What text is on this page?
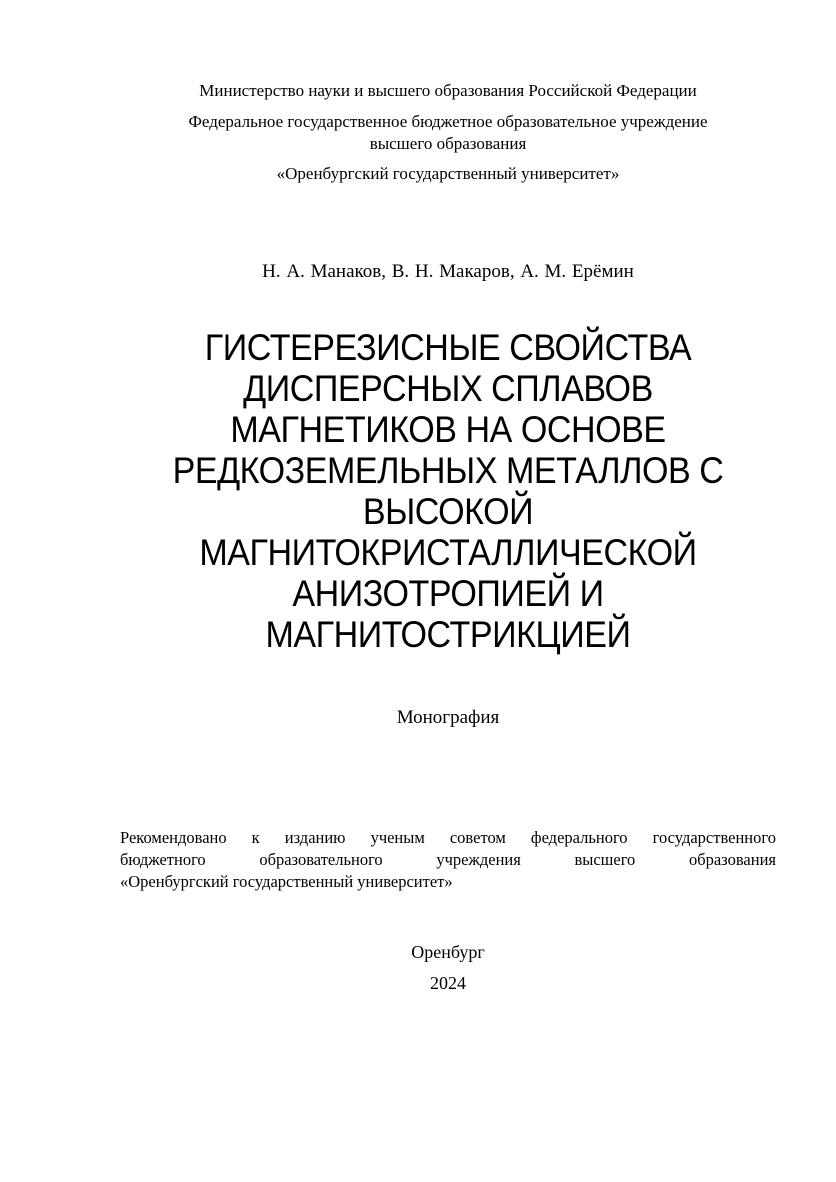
Министерство науки и высшего образования Российской Федерации
Федеральное государственное бюджетное образовательное учреждение
высшего образования
«Оренбургский государственный университет»
Н. А. Манаков, В. Н. Макаров, А. М. Ерёмин
ГИСТЕРЕЗИСНЫЕ СВОЙСТВА
ДИСПЕРСНЫХ СПЛАВОВ
МАГНЕТИКОВ НА ОСНОВЕ
РЕДКОЗЕМЕЛЬНЫХ МЕТАЛЛОВ С
ВЫСОКОЙ
МАГНИТОКРИСТАЛЛИЧЕСКОЙ
АНИЗОТРОПИЕЙ И
МАГНИТОСТРИКЦИЕЙ
Монография
Рекомендовано к изданию ученым советом федерального государственного
бюджетного образовательного учреждения высшего образования
«Оренбургский государственный университет»
Оренбург
2024
